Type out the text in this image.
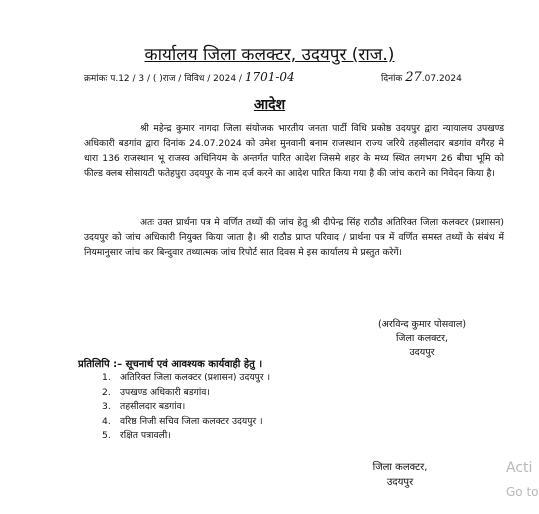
कार्यालय जिला कलक्टर, उदयपुर (राज.)
क्रमांकः प.12 / 3 / ( )राज / विविध / 2024 / 1701-04	दिनांक 27.07.2024
आदेश
श्री महेन्द्र कुमार नागदा जिला संयोजक भारतीय जनता पार्टी विधि प्रकोष्ठ उदयपुर द्वारा न्यायालय उपखण्ड अधिकारी बडगांव द्वारा दिनांक 24.07.2024 को उमेश मुनवानी बनाम राजस्थान राज्य जरिये तहसीलदार बडगांव वगैरह मे धारा 136 राजस्थान भू राजस्व अधिनियम के अन्तर्गत पारित आदेश जिसमे शहर के मध्य स्थित लगभग 26 बीघा भूमि को फील्ड क्लब सोसायटी फतेहपुरा उदयपुर के नाम दर्ज करने का आदेश पारित किया गया है की जांच कराने का निवेदन किया है।
अतः उक्त प्रार्थना पत्र मे वर्णित तथ्यों की जांच हेतु श्री दीपेन्द्र सिंह राठौड अतिरिक्त जिला कलक्टर (प्रशासन) उदयपुर को जांच अधिकारी नियुक्त किया जाता है। श्री राठौड प्राप्त परिवाद / प्रार्थना पत्र में वर्णित समस्त तथ्यों के संबंध में नियमानुसार जांच कर बिन्दुवार तथ्यात्मक जांच रिपोर्ट सात दिवस मे इस कार्यालय मे प्रस्तुत करेगें।
(अरविन्द कुमार पोसवाल)
जिला कलक्टर,
उदयपुर
प्रतिलिपि :– सूचनार्थ एवं आवश्यक कार्यवाही हेतु ।
1. अतिरिक्त जिला कलक्टर (प्रशासन) उदयपुर ।
2. उपखण्ड अधिकारी बडगांव।
3. तहसीलदार बडगांव।
4. वरिष्ठ निजी सचिव जिला कलक्टर उदयपुर ।
5. रक्षित पत्रावली।
जिला कलक्टर,
उदयपुर
Acti
Go to
